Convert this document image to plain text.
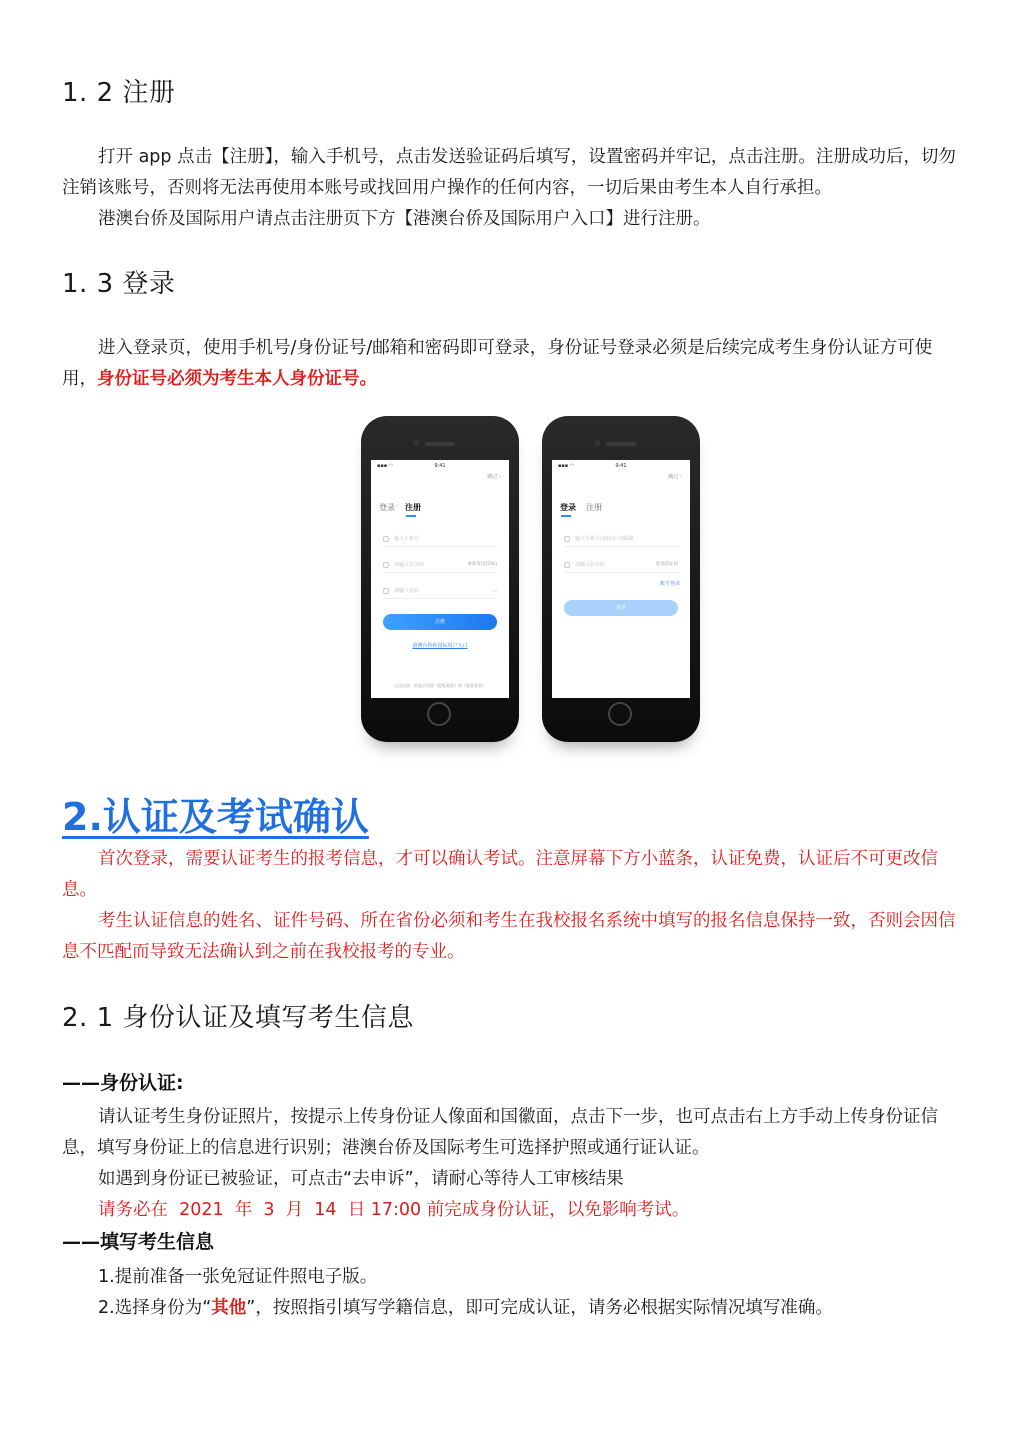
1. 2 注册
打开 app 点击【注册】，输入手机号，点击发送验证码后填写，设置密码并牢记，点击注册。注册成功后，切勿注销该账号，否则将无法再使用本账号或找回用户操作的任何内容，一切后果由考生本人自行承担。
港澳台侨及国际用户请点击注册页下方【港澳台侨及国际用户入口】进行注册。
1. 3 登录
进入登录页，使用手机号/身份证号/邮箱和密码即可登录，身份证号登录必须是后续完成考生身份认证方可使用，身份证号必须为考生本人身份证号。
▪▪▪ ◠	9:41
跳过 ›
登录 注册
输入手机号
请输入验证码	重新发送(59s)
请输入密码	◡
注册
港澳台侨和国际用户入口
点击注册，即表示同意《隐私政策》和《服务条款》
▪▪▪ ◠	9:41
跳过 ›
登录 注册
输入手机号/身份证号/邮箱
请输入验证码	发送验证码
账号登录
登录
2.认证及考试确认
首次登录，需要认证考生的报考信息，才可以确认考试。注意屏幕下方小蓝条，认证免费，认证后不可更改信息。
考生认证信息的姓名、证件号码、所在省份必须和考生在我校报名系统中填写的报名信息保持一致，否则会因信息不匹配而导致无法确认到之前在我校报考的专业。
2. 1 身份认证及填写考生信息
——身份认证:
请认证考生身份证照片，按提示上传身份证人像面和国徽面，点击下一步，也可点击右上方手动上传身份证信息，填写身份证上的信息进行识别；港澳台侨及国际考生可选择护照或通行证认证。
如遇到身份证已被验证，可点击“去申诉”，请耐心等待人工审核结果
请务必在  2021  年  3  月  14  日 17:00 前完成身份认证，以免影响考试。
——填写考生信息
1.提前准备一张免冠证件照电子版。
2.选择身份为“其他”，按照指引填写学籍信息，即可完成认证，请务必根据实际情况填写准确。
